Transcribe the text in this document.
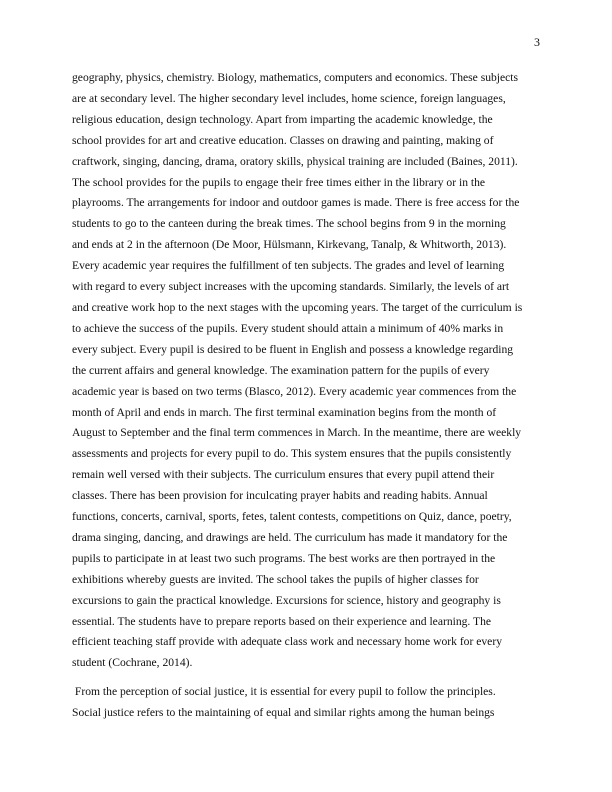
3

geography, physics, chemistry. Biology, mathematics, computers and economics. These subjects
are at secondary level. The higher secondary level includes, home science, foreign languages,
religious education, design technology. Apart from imparting the academic knowledge, the
school provides for art and creative education. Classes on drawing and painting, making of
craftwork, singing, dancing, drama, oratory skills, physical training are included (Baines, 2011).
The school provides for the pupils to engage their free times either in the library or in the
playrooms. The arrangements for indoor and outdoor games is made. There is free access for the
students to go to the canteen during the break times. The school begins from 9 in the morning
and ends at 2 in the afternoon (De Moor, Hülsmann, Kirkevang, Tanalp, & Whitworth, 2013).
Every academic year requires the fulfillment of ten subjects. The grades and level of learning
with regard to every subject increases with the upcoming standards. Similarly, the levels of art
and creative work hop to the next stages with the upcoming years. The target of the curriculum is
to achieve the success of the pupils. Every student should attain a minimum of 40% marks in
every subject. Every pupil is desired to be fluent in English and possess a knowledge regarding
the current affairs and general knowledge. The examination pattern for the pupils of every
academic year is based on two terms (Blasco, 2012). Every academic year commences from the
month of April and ends in march. The first terminal examination begins from the month of
August to September and the final term commences in March. In the meantime, there are weekly
assessments and projects for every pupil to do. This system ensures that the pupils consistently
remain well versed with their subjects. The curriculum ensures that every pupil attend their
classes. There has been provision for inculcating prayer habits and reading habits. Annual
functions, concerts, carnival, sports, fetes, talent contests, competitions on Quiz, dance, poetry,
drama singing, dancing, and drawings are held. The curriculum has made it mandatory for the
pupils to participate in at least two such programs. The best works are then portrayed in the
exhibitions whereby guests are invited. The school takes the pupils of higher classes for
excursions to gain the practical knowledge. Excursions for science, history and geography is
essential. The students have to prepare reports based on their experience and learning. The
efficient teaching staff provide with adequate class work and necessary home work for every
student (Cochrane, 2014).

From the perception of social justice, it is essential for every pupil to follow the principles.
Social justice refers to the maintaining of equal and similar rights among the human beings
